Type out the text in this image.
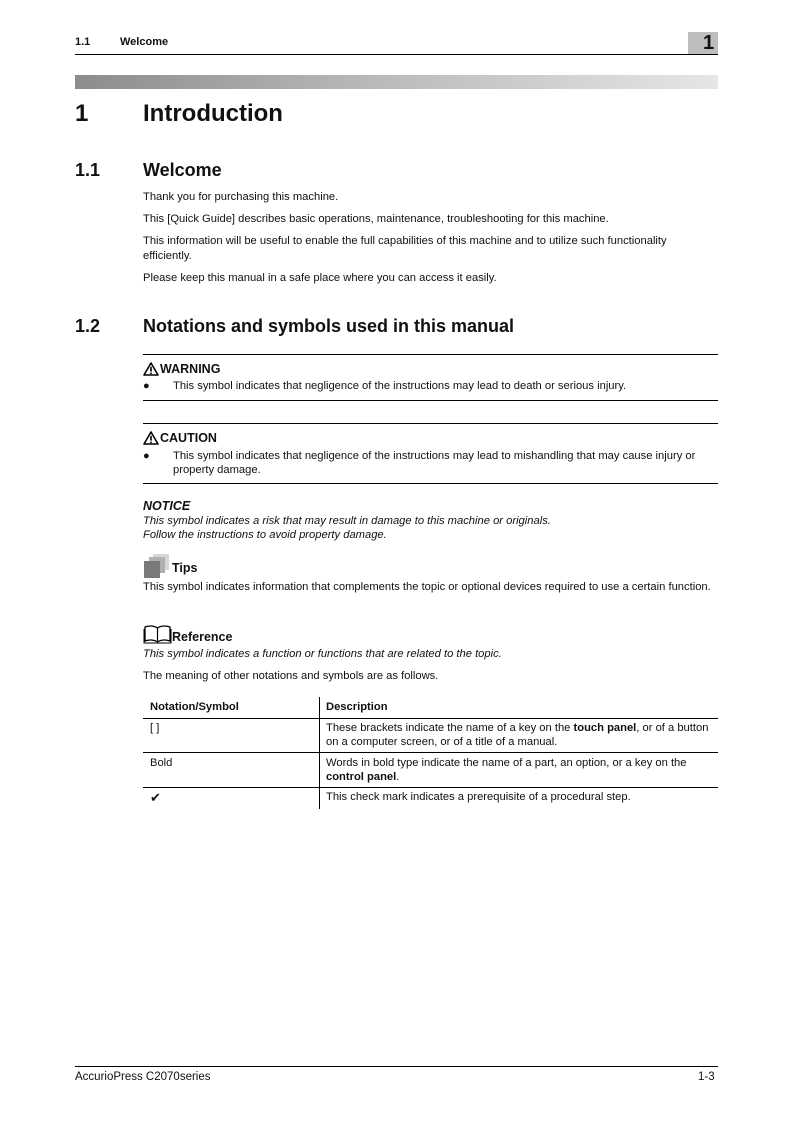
1.1	Welcome	1
1 Introduction
1.1 Welcome
Thank you for purchasing this machine.
This [Quick Guide] describes basic operations, maintenance, troubleshooting for this machine.
This information will be useful to enable the full capabilities of this machine and to utilize such functionality efficiently.
Please keep this manual in a safe place where you can access it easily.
1.2 Notations and symbols used in this manual
WARNING
● This symbol indicates that negligence of the instructions may lead to death or serious injury.
CAUTION
● This symbol indicates that negligence of the instructions may lead to mishandling that may cause injury or property damage.
NOTICE
This symbol indicates a risk that may result in damage to this machine or originals.
Follow the instructions to avoid property damage.
Tips
This symbol indicates information that complements the topic or optional devices required to use a certain function.
Reference
This symbol indicates a function or functions that are related to the topic.
The meaning of other notations and symbols are as follows.
Notation/Symbol	Description
[ ]	These brackets indicate the name of a key on the touch panel, or of a button on a computer screen, or of a title of a manual.
Bold	Words in bold type indicate the name of a part, an option, or a key on the control panel.
✔	This check mark indicates a prerequisite of a procedural step.
AccurioPress C2070series	1-3
